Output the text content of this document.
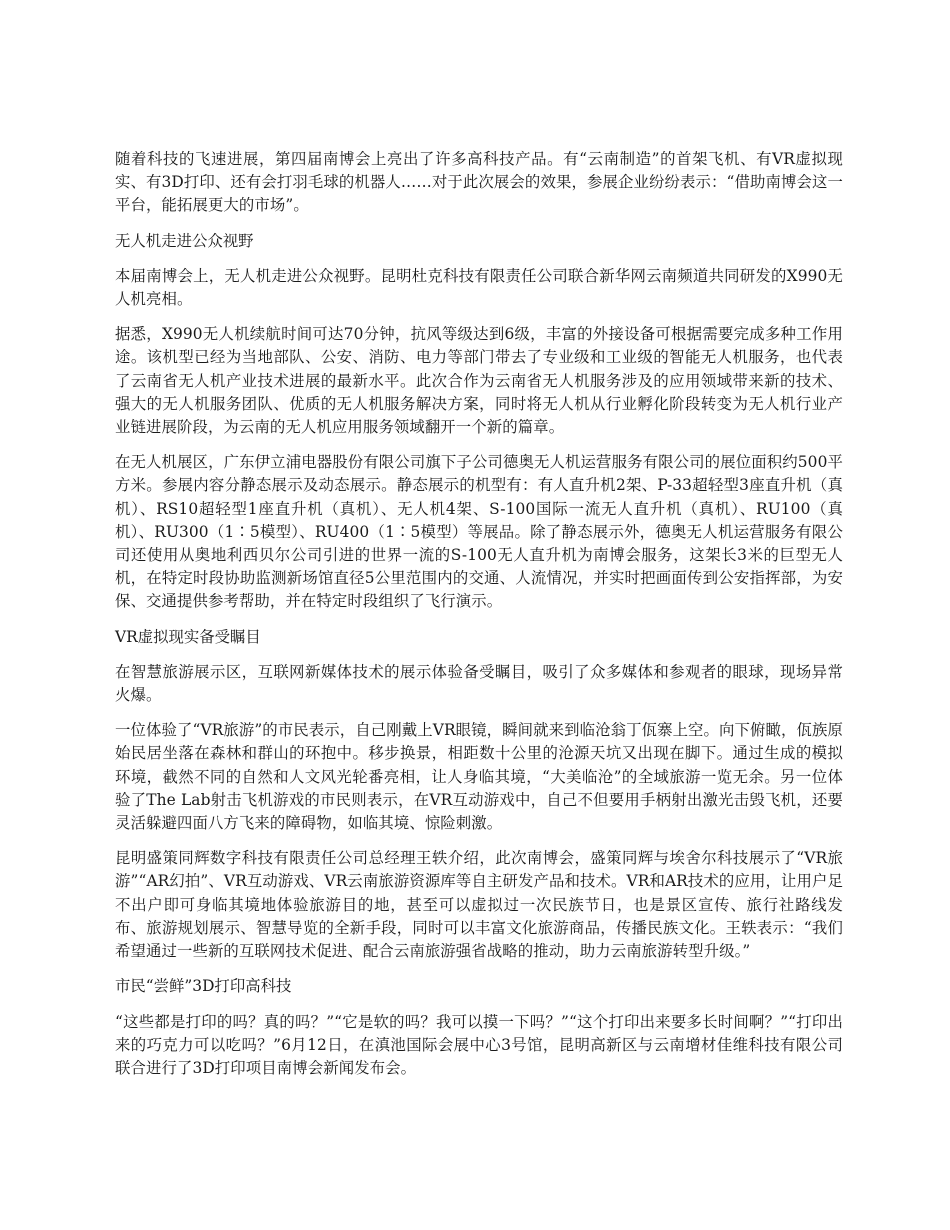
随着科技的飞速进展，第四届南博会上亮出了许多高科技产品。有“云南制造”的首架飞机、有VR虚拟现实、有3D打印、还有会打羽毛球的机器人……对于此次展会的效果，参展企业纷纷表示：“借助南博会这一平台，能拓展更大的市场”。

无人机走进公众视野

本届南博会上，无人机走进公众视野。昆明杜克科技有限责任公司联合新华网云南频道共同研发的X990无人机亮相。

据悉，X990无人机续航时间可达70分钟，抗风等级达到6级，丰富的外接设备可根据需要完成多种工作用途。该机型已经为当地部队、公安、消防、电力等部门带去了专业级和工业级的智能无人机服务，也代表了云南省无人机产业技术进展的最新水平。此次合作为云南省无人机服务涉及的应用领域带来新的技术、强大的无人机服务团队、优质的无人机服务解决方案，同时将无人机从行业孵化阶段转变为无人机行业产业链进展阶段，为云南的无人机应用服务领域翻开一个新的篇章。

在无人机展区，广东伊立浦电器股份有限公司旗下子公司德奥无人机运营服务有限公司的展位面积约500平方米。参展内容分静态展示及动态展示。静态展示的机型有：有人直升机2架、P-33超轻型3座直升机（真机）、RS10超轻型1座直升机（真机）、无人机4架、S-100国际一流无人直升机（真机）、RU100（真机）、RU300（1∶5模型）、RU400（1∶5模型）等展品。除了静态展示外，德奥无人机运营服务有限公司还使用从奥地利西贝尔公司引进的世界一流的S-100无人直升机为南博会服务，这架长3米的巨型无人机，在特定时段协助监测新场馆直径5公里范围内的交通、人流情况，并实时把画面传到公安指挥部，为安保、交通提供参考帮助，并在特定时段组织了飞行演示。

VR虚拟现实备受瞩目

在智慧旅游展示区，互联网新媒体技术的展示体验备受瞩目，吸引了众多媒体和参观者的眼球，现场异常火爆。

一位体验了“VR旅游”的市民表示，自己刚戴上VR眼镜，瞬间就来到临沧翁丁佤寨上空。向下俯瞰，佤族原始民居坐落在森林和群山的环抱中。移步换景，相距数十公里的沧源天坑又出现在脚下。通过生成的模拟环境，截然不同的自然和人文风光轮番亮相，让人身临其境，“大美临沧”的全域旅游一览无余。另一位体验了The Lab射击飞机游戏的市民则表示，在VR互动游戏中，自己不但要用手柄射出激光击毁飞机，还要灵活躲避四面八方飞来的障碍物，如临其境、惊险刺激。

昆明盛策同辉数字科技有限责任公司总经理王轶介绍，此次南博会，盛策同辉与埃舍尔科技展示了“VR旅游”“AR幻拍”、VR互动游戏、VR云南旅游资源库等自主研发产品和技术。VR和AR技术的应用，让用户足不出户即可身临其境地体验旅游目的地，甚至可以虚拟过一次民族节日，也是景区宣传、旅行社路线发布、旅游规划展示、智慧导览的全新手段，同时可以丰富文化旅游商品，传播民族文化。王轶表示：“我们希望通过一些新的互联网技术促进、配合云南旅游强省战略的推动，助力云南旅游转型升级。”

市民“尝鲜”3D打印高科技

“这些都是打印的吗？真的吗？”“它是软的吗？我可以摸一下吗？”“这个打印出来要多长时间啊？”“打印出来的巧克力可以吃吗？”6月12日，在滇池国际会展中心3号馆，昆明高新区与云南增材佳维科技有限公司联合进行了3D打印项目南博会新闻发布会。
